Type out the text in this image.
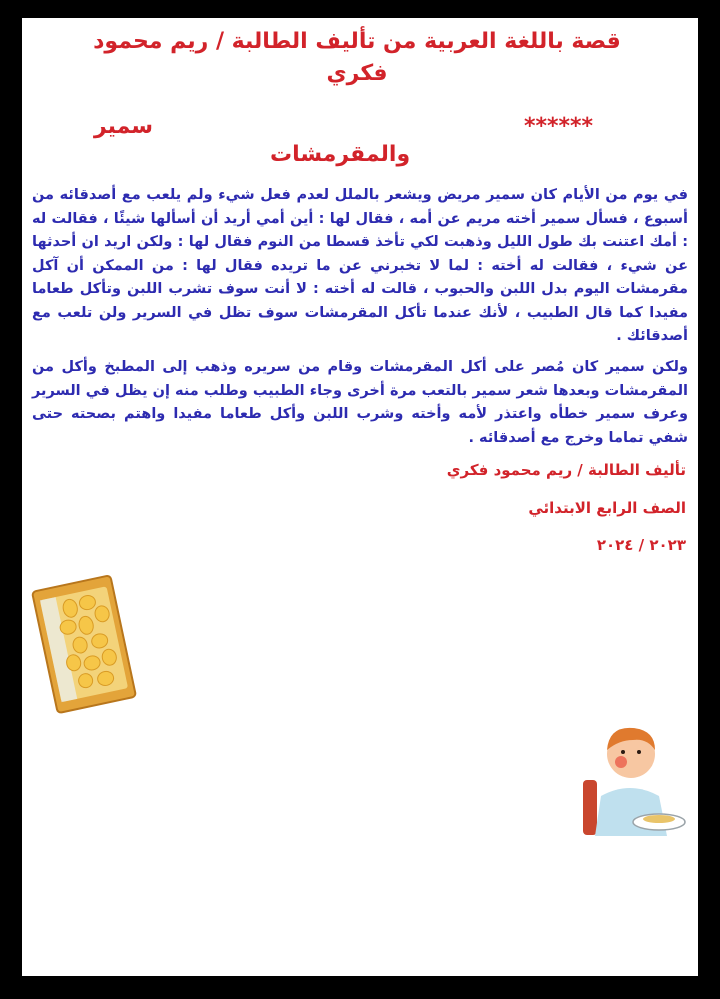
قصة باللغة العربية من تأليف الطالبة / ريم محمود فكري
سمير	******
والمقرمشات

في يوم من الأيام كان سمير مريض ويشعر بالملل لعدم فعل شيء ولم يلعب مع أصدقائه من أسبوع ، فسأل سمير أخته مريم عن أمه ، فقال لها : أين أمي أريد أن أسألها شيئًا ، فقالت له : أمك اعتنت بك طول الليل وذهبت لكي تأخذ قسطا من النوم فقال لها : ولكن اريد ان أحدثها عن شيء ، فقالت له أخته : لما لا تخبرني عن ما تريده فقال لها : من الممكن أن آكل مقرمشات اليوم بدل اللبن والحبوب ، قالت له أخته : لا أنت سوف تشرب اللبن وتأكل طعاما مفيدا كما قال الطبيب ، لأنك عندما تأكل المقرمشات سوف تظل في السرير ولن تلعب مع أصدقائك .

ولكن سمير كان مُصر على أكل المقرمشات وقام من سريره وذهب إلى المطبخ وأكل من المقرمشات وبعدها شعر سمير بالتعب مرة أخرى وجاء الطبيب وطلب منه إن يظل في السرير وعرف سمير خطأه واعتذر لأمه وأخته وشرب اللبن وأكل طعاما مفيدا واهتم بصحته حتى شفي تماما وخرج مع أصدقائه .

تأليف الطالبة / ريم محمود فكري
الصف الرابع الابتدائي
٢٠٢٣ / ٢٠٢٤
